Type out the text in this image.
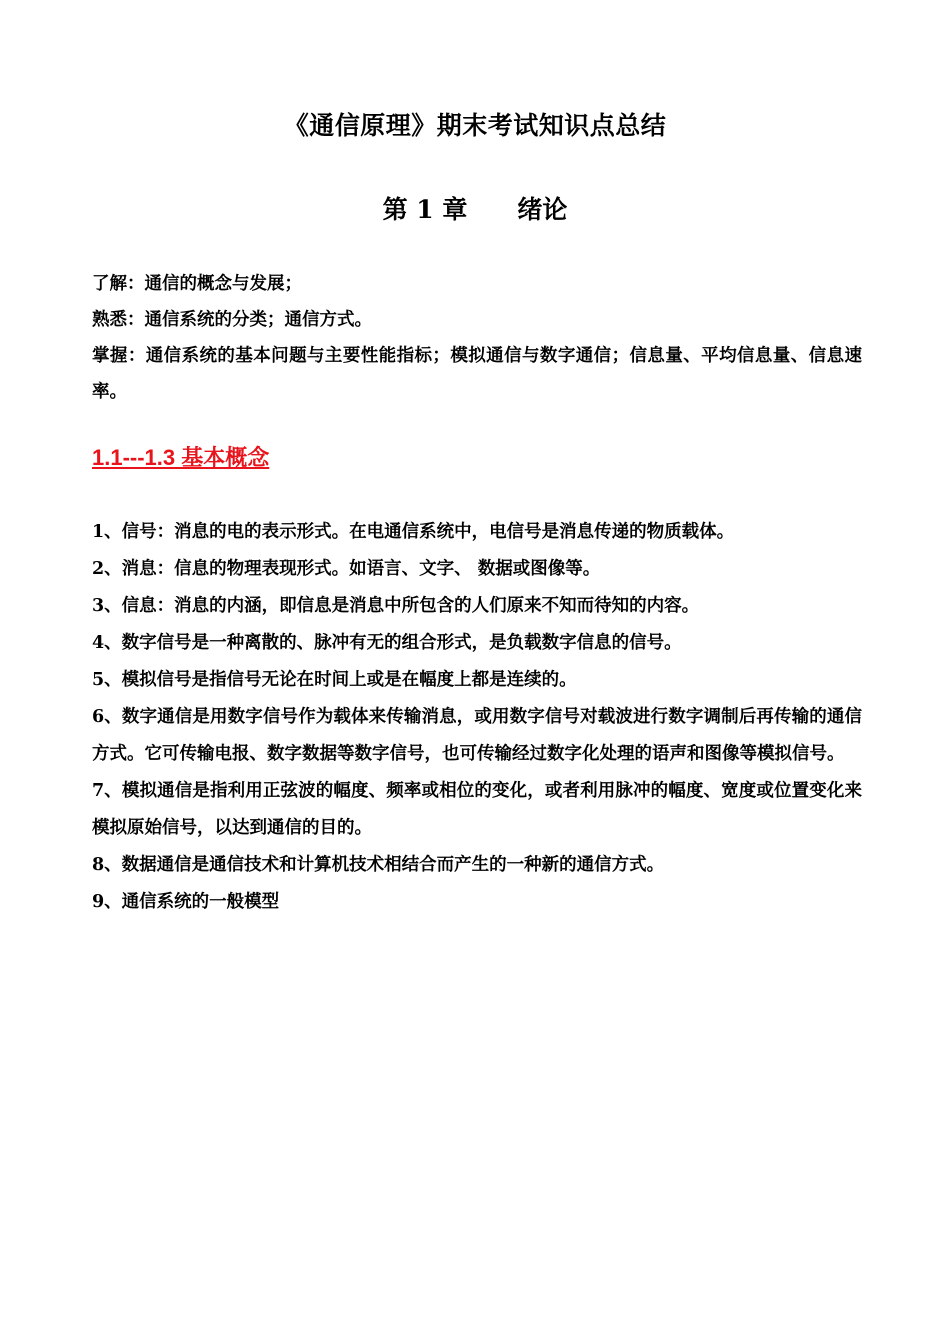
《通信原理》期末考试知识点总结
第 1 章 绪论

了解：通信的概念与发展；

熟悉：通信系统的分类；通信方式。

掌握：通信系统的基本问题与主要性能指标；模拟通信与数字通信；信息量、平均信息量、信息速率。

1.1---1.3 基本概念

1、信号：消息的电的表示形式。在电通信系统中，电信号是消息传递的物质载体。

2、消息：信息的物理表现形式。如语言、文字、 数据或图像等。

3、信息：消息的内涵，即信息是消息中所包含的人们原来不知而待知的内容。

4、数字信号是一种离散的、脉冲有无的组合形式，是负载数字信息的信号。

5、模拟信号是指信号无论在时间上或是在幅度上都是连续的。

6、数字通信是用数字信号作为载体来传输消息，或用数字信号对载波进行数字调制后再传输的通信方式。它可传输电报、数字数据等数字信号，也可传输经过数字化处理的语声和图像等模拟信号。

7、模拟通信是指利用正弦波的幅度、频率或相位的变化，或者利用脉冲的幅度、宽度或位置变化来模拟原始信号，以达到通信的目的。

8、数据通信是通信技术和计算机技术相结合而产生的一种新的通信方式。

9、通信系统的一般模型
